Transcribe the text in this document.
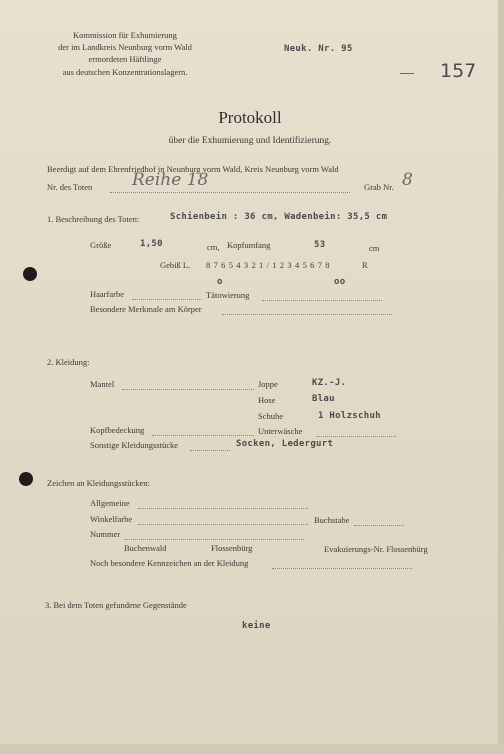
Kommission für Exhumierung
der im Landkreis Neunburg vorm Wald
ermordeten Häftlinge
aus deutschen Konzentrationslagern.
Neuk. Nr. 95
157
Protokoll
über die Exhumierung und Identifizierung.
Beerdigt auf dem Ehrenfriedhof in Neunburg vorm Wald, Kreis Neunburg vorm Wald
Nr. des Toten Reihe 18	Grab Nr. 8
1. Beschreibung des Toten:	Schienbein : 36 cm, Wadenbein: 35,5 cm
Größe	1,50	cm, Kopfumfang	53	cm
Gebiß L. 8 7 6 5 4 3 2 1 / 1 2 3 4 5 6 7 8	R
o	oo
Haarfarbe	Tätowierung
Besondere Merkmale am Körper
2. Kleidung:
Mantel	Joppe	KZ.-J.
Hose	Blau
Schuhe	1 Holzschuh
Kopfbedeckung	Unterwäsche
Sonstige Kleidungsstücke	Socken, Ledergurt
Zeichen an Kleidungsstücken:
Allgemeine
Winkelfarbe	Buchstabe
Nummer
Buchenwald	Flossenbürg	Evakuierungs-Nr. Flossenbürg
Noch besondere Kennzeichen an der Kleidung
3. Bei dem Toten gefundene Gegenstände
keine
